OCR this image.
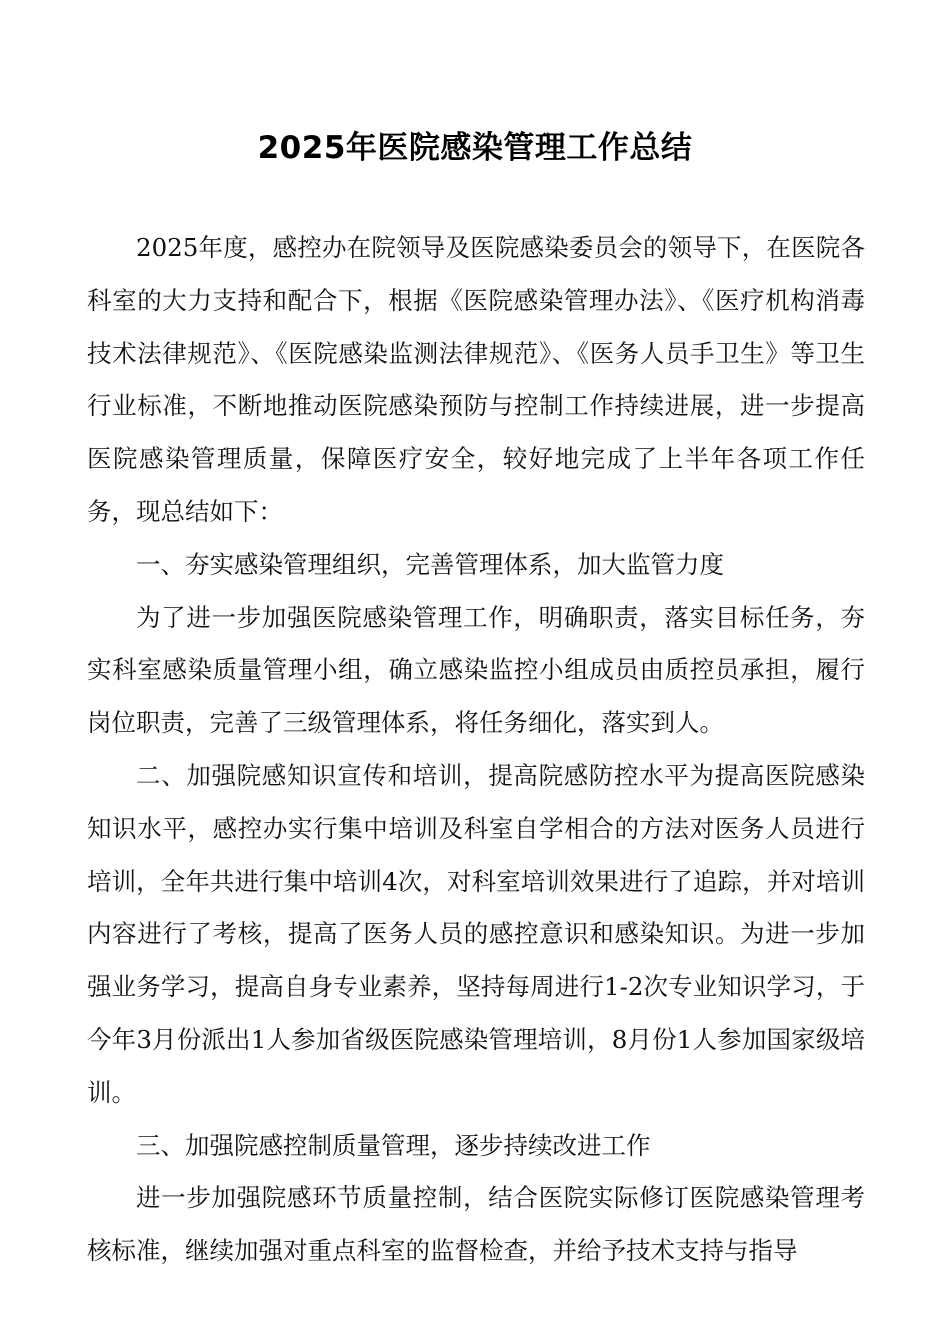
2025年医院感染管理工作总结

2025年度，感控办在院领导及医院感染委员会的领导下，在医院各科室的大力支持和配合下，根据《医院感染管理办法》、《医疗机构消毒技术法律规范》、《医院感染监测法律规范》、《医务人员手卫生》等卫生行业标准，不断地推动医院感染预防与控制工作持续进展，进一步提高医院感染管理质量，保障医疗安全，较好地完成了上半年各项工作任务，现总结如下：

一、夯实感染管理组织，完善管理体系，加大监管力度

为了进一步加强医院感染管理工作，明确职责，落实目标任务，夯实科室感染质量管理小组，确立感染监控小组成员由质控员承担，履行岗位职责，完善了三级管理体系，将任务细化，落实到人。

二、加强院感知识宣传和培训，提高院感防控水平为提高医院感染知识水平，感控办实行集中培训及科室自学相合的方法对医务人员进行培训，全年共进行集中培训4次，对科室培训效果进行了追踪，并对培训内容进行了考核，提高了医务人员的感控意识和感染知识。为进一步加强业务学习，提高自身专业素养，坚持每周进行1-2次专业知识学习，于今年3月份派出1人参加省级医院感染管理培训，8月份1人参加国家级培训。

三、加强院感控制质量管理，逐步持续改进工作

进一步加强院感环节质量控制，结合医院实际修订医院感染管理考核标准，继续加强对重点科室的监督检查，并给予技术支持与指导
